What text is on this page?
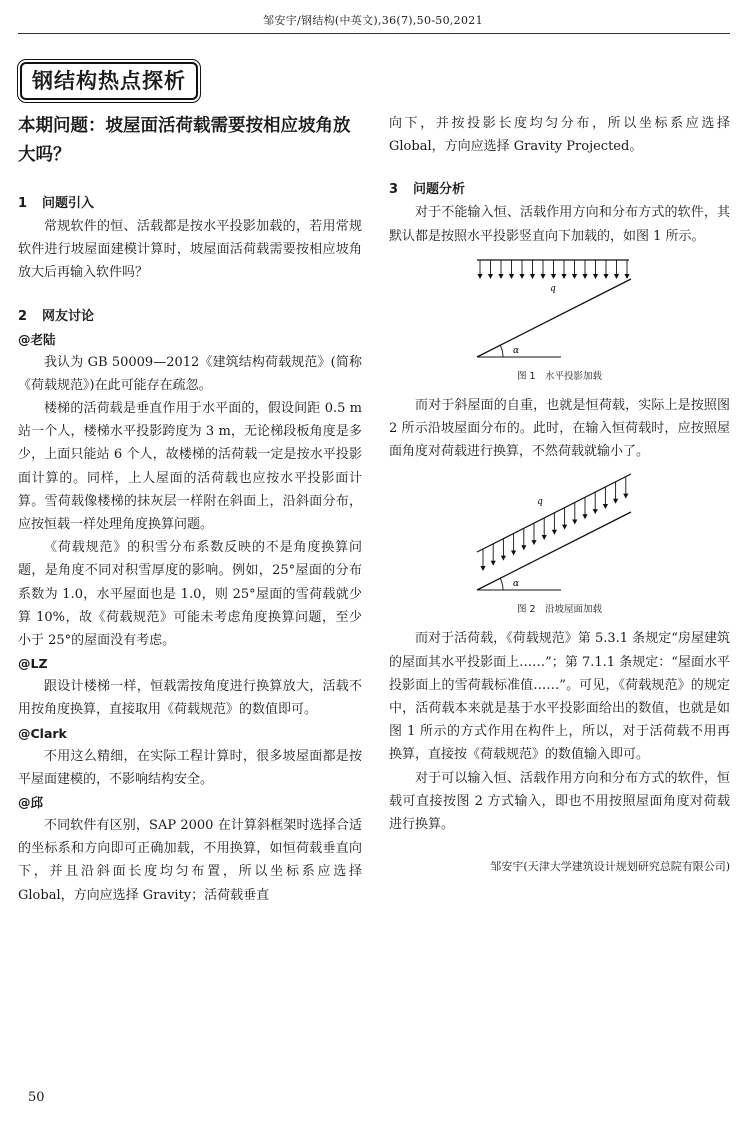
邹安宇/钢结构(中英文),36(7),50-50,2021
钢结构热点探析
本期问题：坡屋面活荷载需要按相应坡角放大吗？
1 问题引入

常规软件的恒、活载都是按水平投影加载的，若用常规软件进行坡屋面建模计算时，坡屋面活荷载需要按相应坡角放大后再输入软件吗？

2 网友讨论
@老陆

我认为 GB 50009—2012《建筑结构荷载规范》(简称《荷载规范》)在此可能存在疏忽。

楼梯的活荷载是垂直作用于水平面的，假设间距 0.5 m 站一个人，楼梯水平投影跨度为 3 m，无论梯段板角度是多少，上面只能站 6 个人，故楼梯的活荷载一定是按水平投影面计算的。同样，上人屋面的活荷载也应按水平投影面计算。雪荷载像楼梯的抹灰层一样附在斜面上，沿斜面分布，应按恒载一样处理角度换算问题。

《荷载规范》的积雪分布系数反映的不是角度换算问题，是角度不同对积雪厚度的影响。例如，25°屋面的分布系数为 1.0，水平屋面也是 1.0，则 25°屋面的雪荷载就少算 10%，故《荷载规范》可能未考虑角度换算问题，至少小于 25°的屋面没有考虑。

@LZ

跟设计楼梯一样，恒载需按角度进行换算放大，活载不用按角度换算，直接取用《荷载规范》的数值即可。

@Clark

不用这么精细，在实际工程计算时，很多坡屋面都是按平屋面建模的，不影响结构安全。

@邱

不同软件有区别，SAP 2000 在计算斜框架时选择合适的坐标系和方向即可正确加载，不用换算，如恒荷载垂直向下，并且沿斜面长度均匀布置，所以坐标系应选择 Global，方向应选择 Gravity；活荷载垂直

向下，并按投影长度均匀分布，所以坐标系应选择 Global，方向应选择 Gravity Projected。

3 问题分析

对于不能输入恒、活载作用方向和分布方式的软件，其默认都是按照水平投影竖直向下加载的，如图 1 所示。

q
α
图 1　水平投影加载

而对于斜屋面的自重，也就是恒荷载，实际上是按照图 2 所示沿坡屋面分布的。此时，在输入恒荷载时，应按照屋面角度对荷载进行换算，不然荷载就输小了。

q
α
图 2　沿坡屋面加载

而对于活荷载，《荷载规范》第 5.3.1 条规定“房屋建筑的屋面其水平投影面上……”；第 7.1.1 条规定：“屋面水平投影面上的雪荷载标准值……”。可见，《荷载规范》的规定中，活荷载本来就是基于水平投影面给出的数值，也就是如图 1 所示的方式作用在构件上，所以，对于活荷载不用再换算，直接按《荷载规范》的数值输入即可。

对于可以输入恒、活载作用方向和分布方式的软件，恒载可直接按图 2 方式输入，即也不用按照屋面角度对荷载进行换算。

邹安宇(天津大学建筑设计规划研究总院有限公司)
50
